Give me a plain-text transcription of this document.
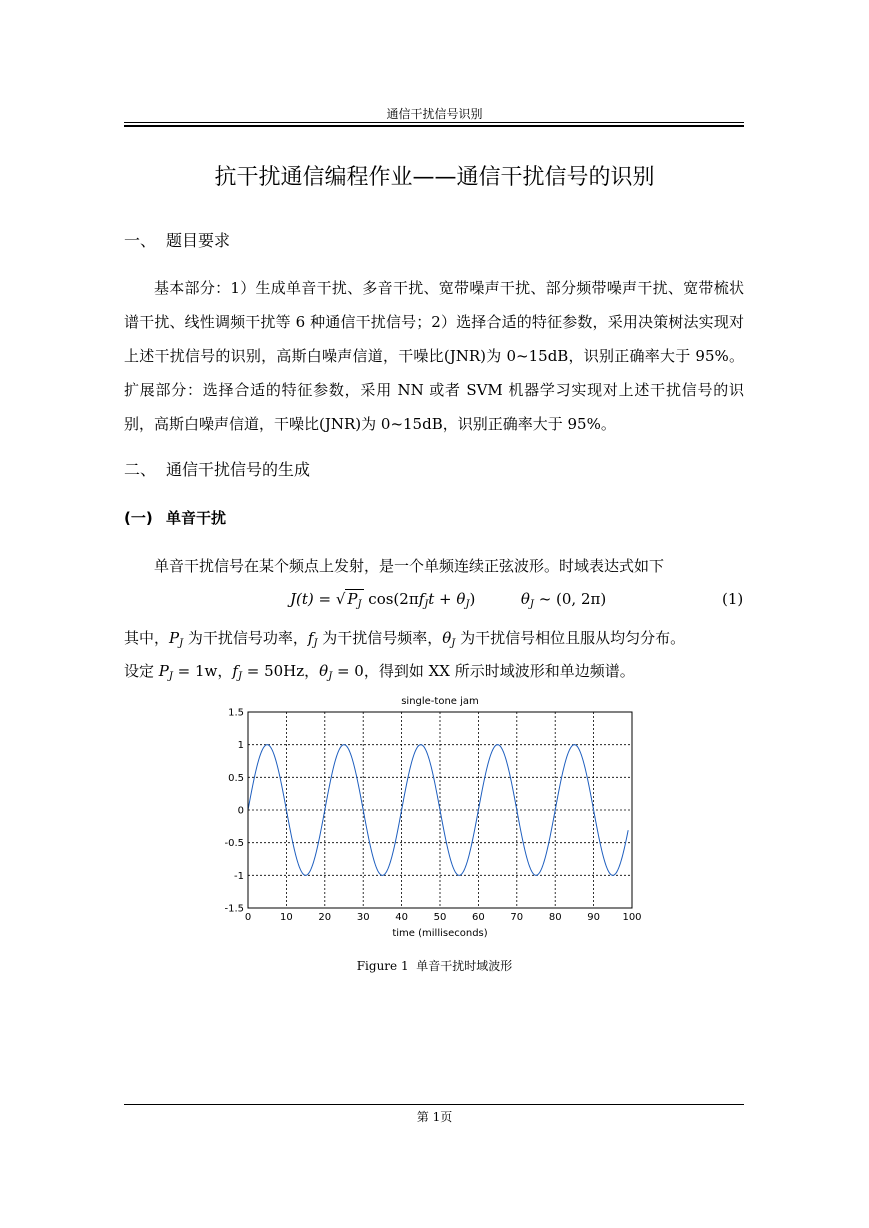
通信干扰信号识别
抗干扰通信编程作业——通信干扰信号的识别
一、 题目要求

基本部分：1）生成单音干扰、多音干扰、宽带噪声干扰、部分频带噪声干扰、宽带梳状谱干扰、线性调频干扰等 6 种通信干扰信号；2）选择合适的特征参数，采用决策树法实现对上述干扰信号的识别，高斯白噪声信道，干噪比(JNR)为 0~15dB，识别正确率大于 95%。扩展部分：选择合适的特征参数，采用 NN 或者 SVM 机器学习实现对上述干扰信号的识别，高斯白噪声信道，干噪比(JNR)为 0~15dB，识别正确率大于 95%。

二、 通信干扰信号的生成
(一) 单音干扰
单音干扰信号在某个频点上发射，是一个单频连续正弦波形。时域表达式如下
J(t) = √ $P_J$ $\cos(2\pi f_Jt + \theta_J)$	$\theta_J$ ~ (0, 2π)	(1)
其中，$P_J$ 为干扰信号功率，$f_J$ 为干扰信号频率，$\theta_J$ 为干扰信号相位且服从均匀分布。
设定 $P_J = 1w$，$f_J = 50Hz$，$\theta_J = 0$，得到如 XX 所示时域波形和单边频谱。
single-tone jam
1.5
1
0.5
0
-0.5
-1
-1.5
0	10	20	30	40	50	60	70	80	90 100
time (milliseconds)
Figure 1 单音干扰时域波形
第 1页
